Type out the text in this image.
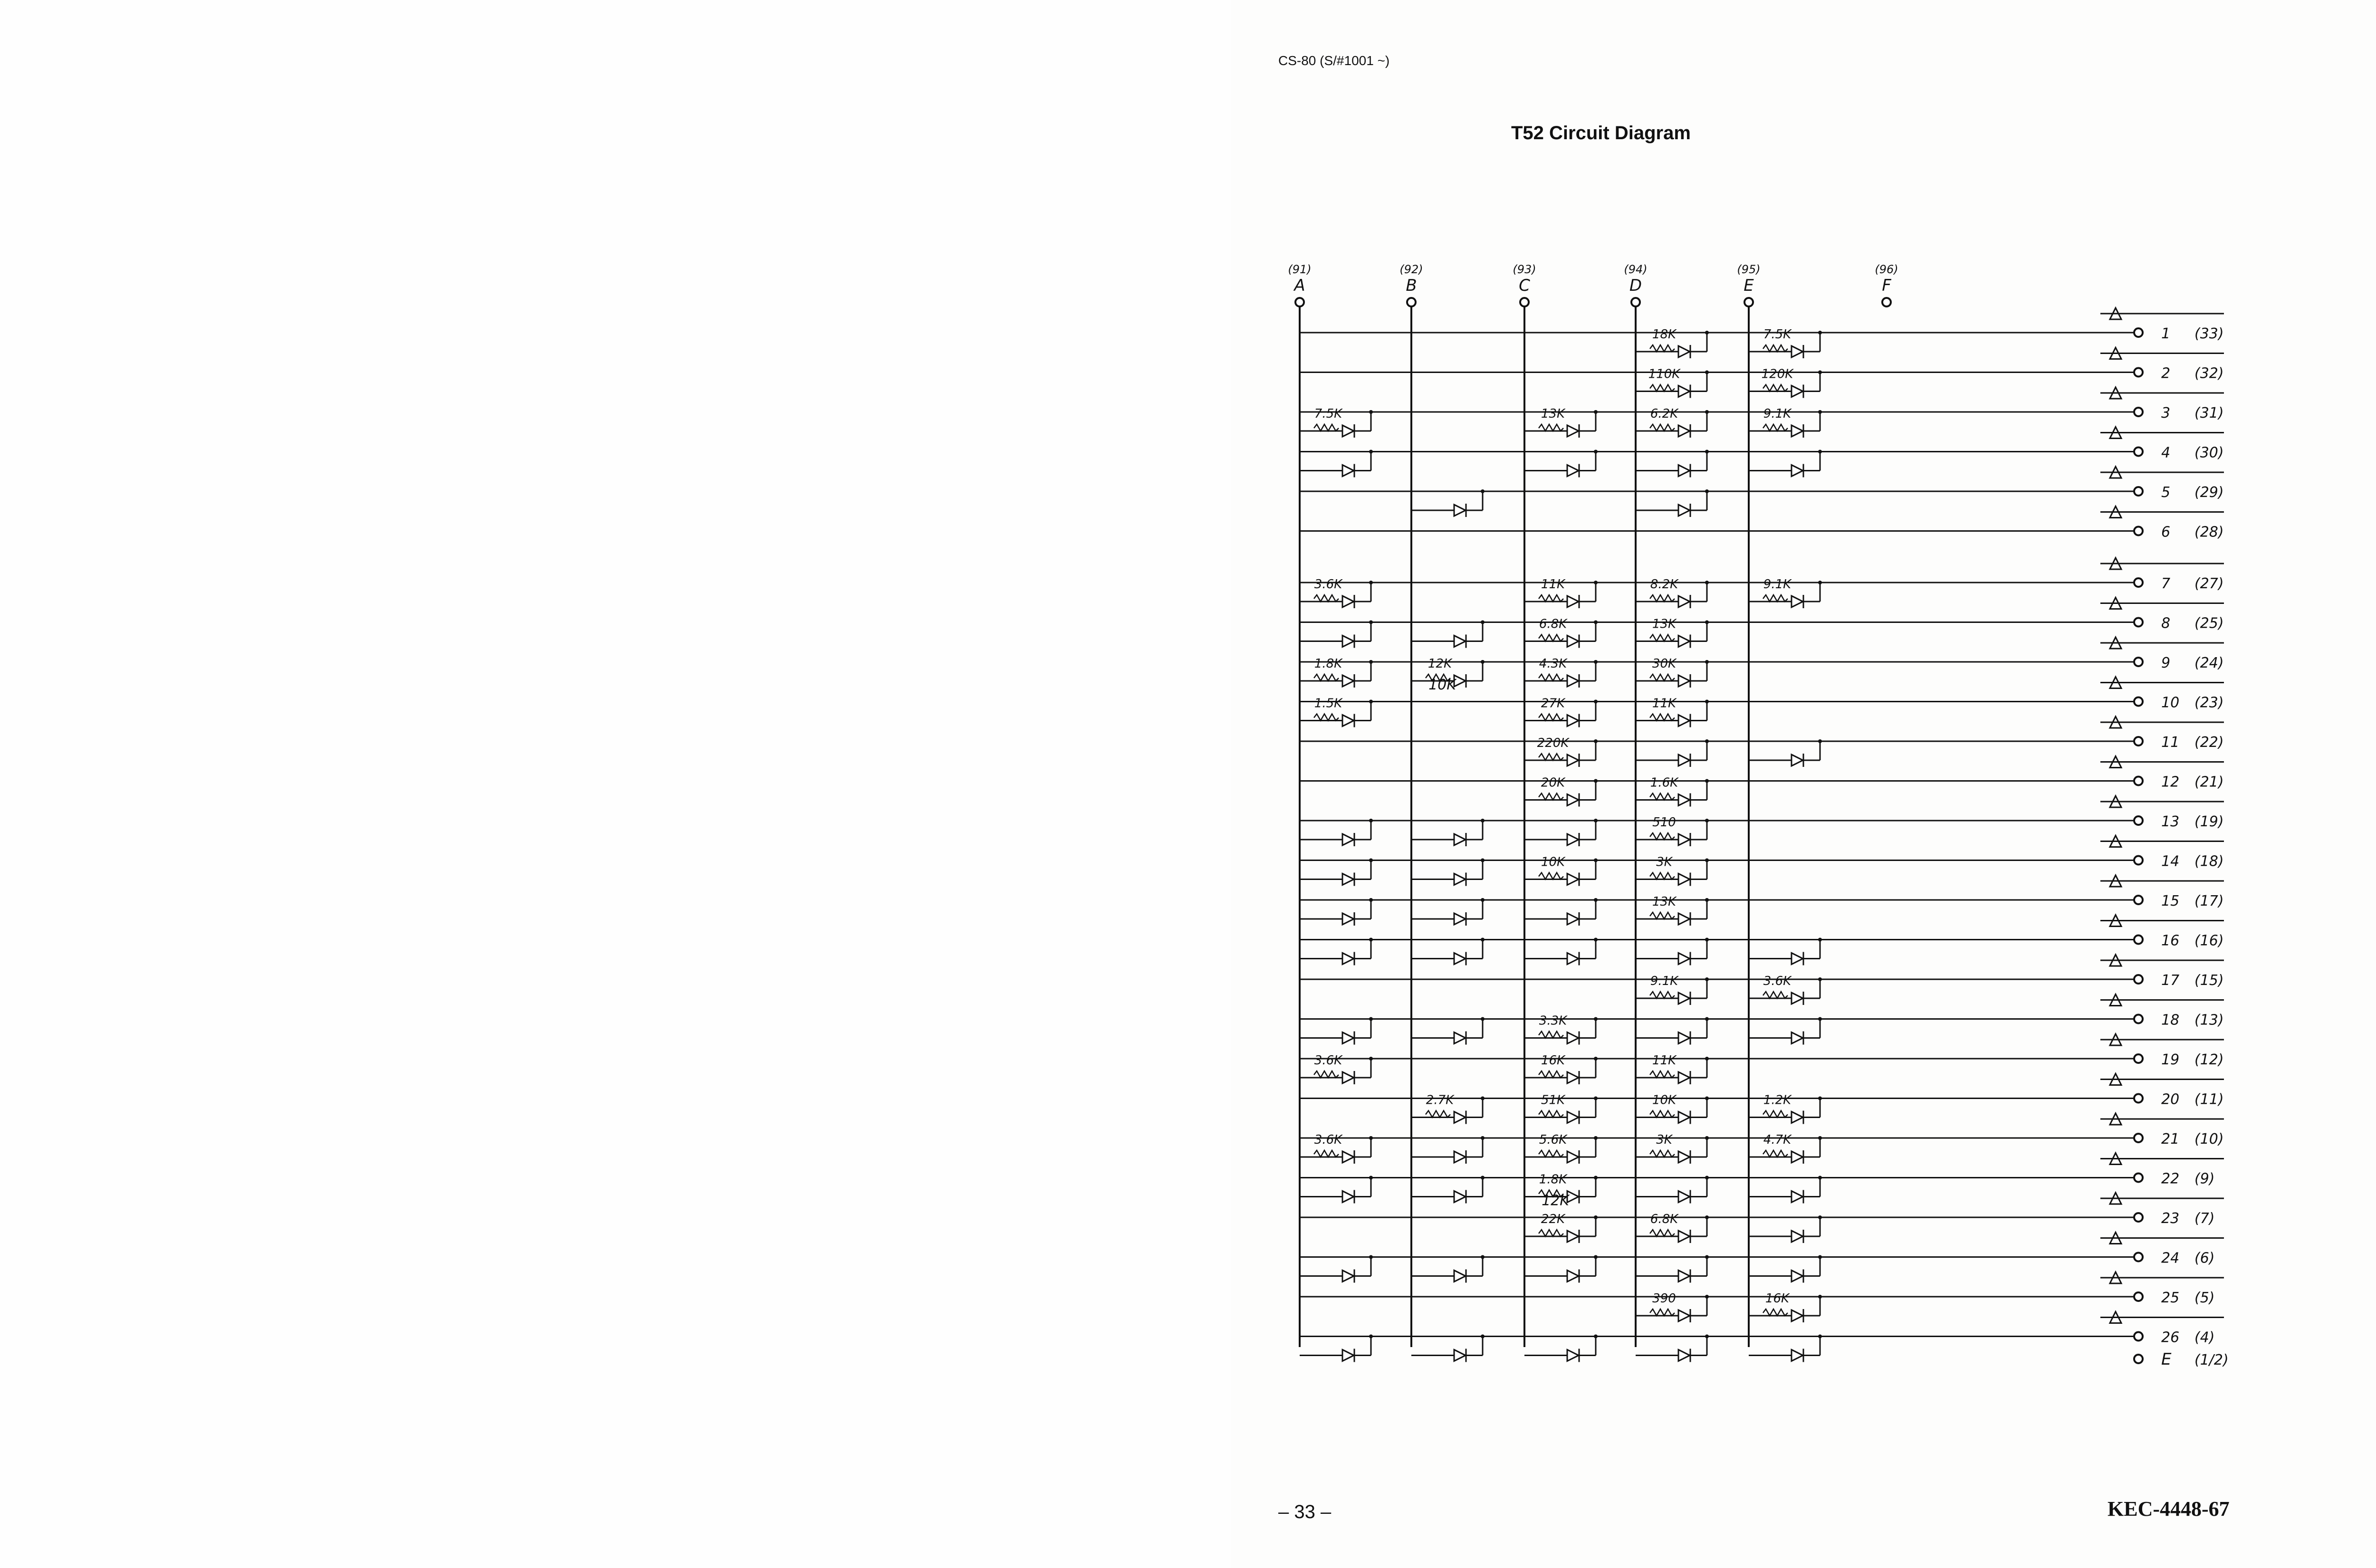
CS-80 (S/#1001 ~)
T52 Circuit Diagram
(91)
A
(92)
B
(93)
C
(94)
D
(95)
E
(96)
F
1 (33)
2 (32)
3 (31)
4 (30)
5 (29)
6 (28)
7 (27)
8 (25)
9 (24)
10 (23)
11 (22)
12 (21)
13 (19)
14 (18)
15 (17)
16 (16)
17 (15)
18 (13)
19 (12)
20 (11)
21 (10)
22 (9)
23 (7)
24 (6)
25 (5)
26 (4)
18K	7.5K
110K	120K
7.5K	13K	6.2K	9.1K
3.6K	11K	8.2K	9.1K
6.8K	13K
1.8K	12K	4.3K	30K
1.5K	27K	11K
220K
20K	1.6K
510
10K	3K
13K
9.1K	3.6K
3.3K
3.6K	16K	11K
2.7K	51K	10K	1.2K
3.6K	5.6K	3K	4.7K
1.8K
22K	6.8K
390	16K
10K
12K
E (1/2)
– 33 –	KEC-4448-67
